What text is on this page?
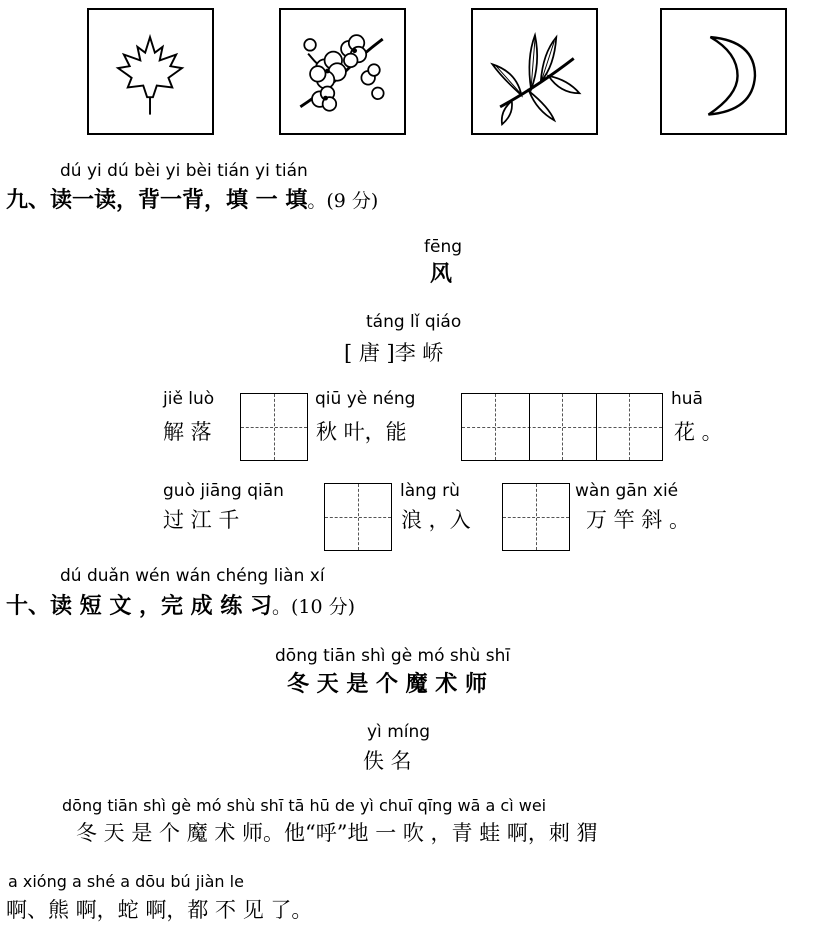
dú yi dú bèi yi bèi tián yi tián
九、读一读，背一背，填 一 填。(9 分)
fēng
风
táng lǐ qiáo
[ 唐 ]李 峤
jiě luò
解 落
qiū yè néng
秋 叶，能
huā
花 。
guò jiāng qiān
过 江 千
làng rù
浪 ，入
wàn gān xié
万 竿 斜 。
dú duǎn wén wán chéng liàn xí
十、读 短 文 ，完 成 练 习。(10 分)
dōng tiān shì gè mó shù shī
冬 天 是 个 魔 术 师
yì míng
佚 名
dōng tiān shì gè mó shù shī tā hū de yì chuī qīng wā a cì wei
冬 天 是 个 魔 术 师。他“呼”地 一 吹 ，青 蛙 啊，刺 猬
a xióng a shé a dōu bú jiàn le
啊、熊 啊，蛇 啊，都 不 见 了。
